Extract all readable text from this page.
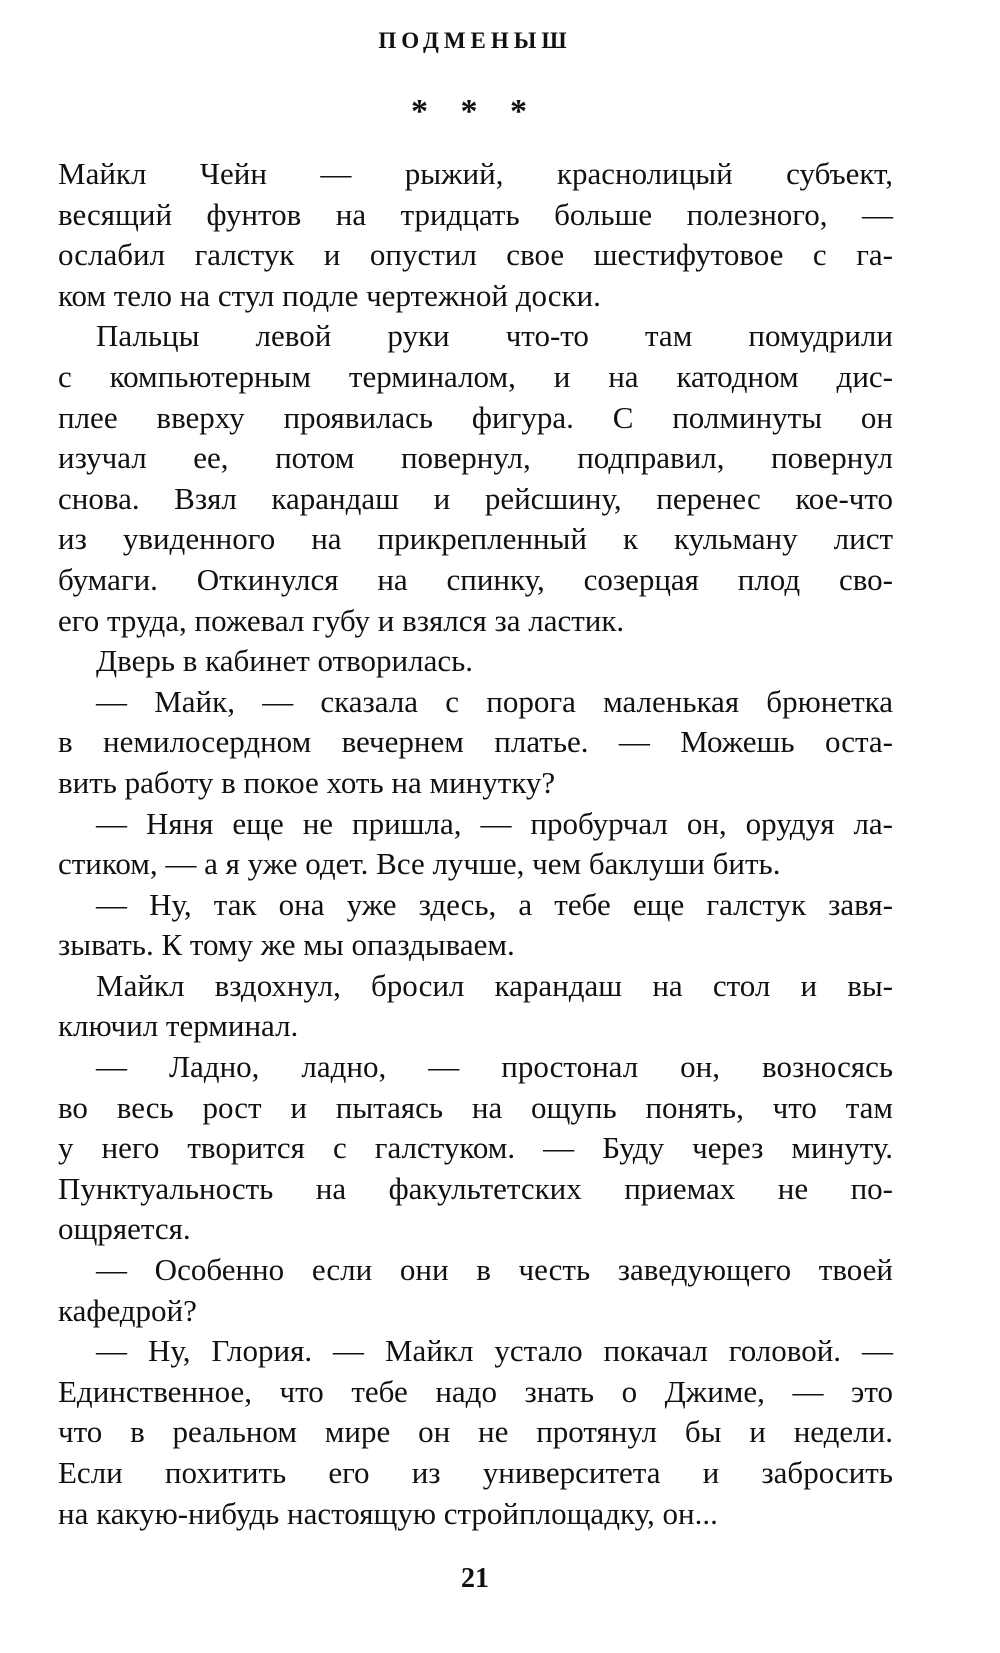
ПОДМЕНЫШ
* * *
Майкл Чейн — рыжий, краснолицый субъект,
весящий фунтов на тридцать больше полезного, —
ослабил галстук и опустил свое шестифутовое с га-
ком тело на стул подле чертежной доски.
Пальцы левой руки что-то там помудрили
с компьютерным терминалом, и на катодном дис-
плее вверху проявилась фигура. С полминуты он
изучал ее, потом повернул, подправил, повернул
снова. Взял карандаш и рейсшину, перенес кое-что
из увиденного на прикрепленный к кульману лист
бумаги. Откинулся на спинку, созерцая плод сво-
его труда, пожевал губу и взялся за ластик.
Дверь в кабинет отворилась.
— Майк, — сказала с порога маленькая брюнетка
в немилосердном вечернем платье. — Можешь оста-
вить работу в покое хоть на минутку?
— Няня еще не пришла, — пробурчал он, орудуя ла-
стиком, — а я уже одет. Все лучше, чем баклуши бить.
— Ну, так она уже здесь, а тебе еще галстук завя-
зывать. К тому же мы опаздываем.
Майкл вздохнул, бросил карандаш на стол и вы-
ключил терминал.
— Ладно, ладно, — простонал он, возносясь
во весь рост и пытаясь на ощупь понять, что там
у него творится с галстуком. — Буду через минуту.
Пунктуальность на факультетских приемах не по-
ощряется.
— Особенно если они в честь заведующего твоей
кафедрой?
— Ну, Глория. — Майкл устало покачал головой. —
Единственное, что тебе надо знать о Джиме, — это
что в реальном мире он не протянул бы и недели.
Если похитить его из университета и забросить
на какую-нибудь настоящую стройплощадку, он...
21
